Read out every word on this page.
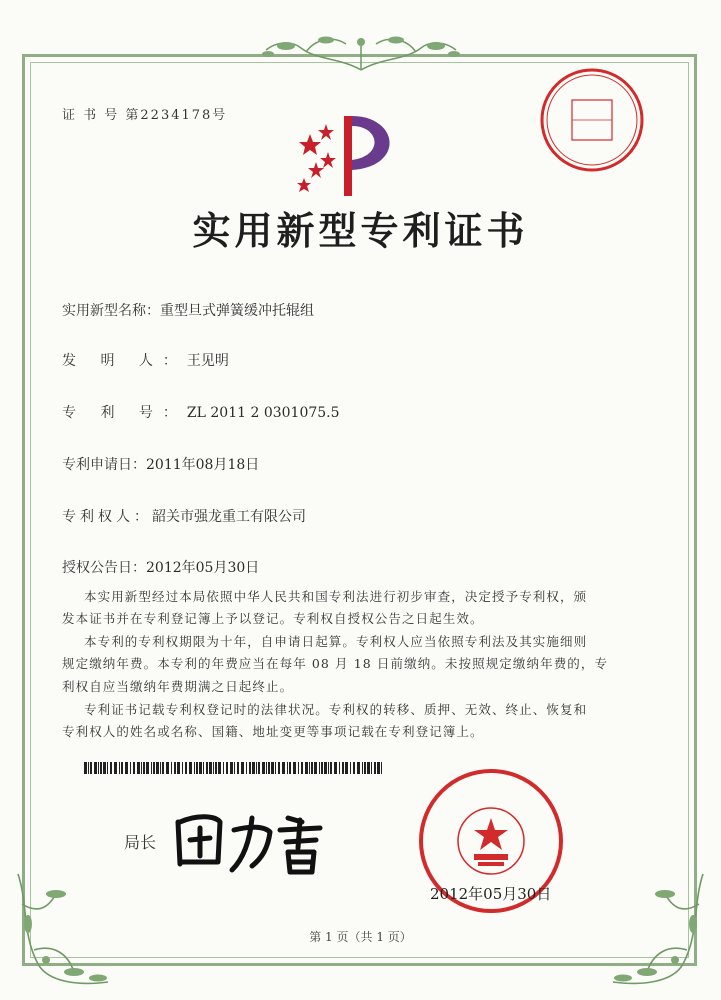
证 书 号 第2234178号
实用新型专利证书
实用新型名称：重型旦式弹簧缓冲托辊组
发 明 人：王见明
专 利 号：ZL 2011 2 0301075.5
专利申请日：2011年08月18日
专利权人：韶关市强龙重工有限公司
授权公告日：2012年05月30日
本实用新型经过本局依照中华人民共和国专利法进行初步审查，决定授予专利权，颁
发本证书并在专利登记簿上予以登记。专利权自授权公告之日起生效。
本专利的专利权期限为十年，自申请日起算。专利权人应当依照专利法及其实施细则
规定缴纳年费。本专利的年费应当在每年 08 月 18 日前缴纳。未按照规定缴纳年费的，专
利权自应当缴纳年费期满之日起终止。
专利证书记载专利权登记时的法律状况。专利权的转移、质押、无效、终止、恢复和
专利权人的姓名或名称、国籍、地址变更等事项记载在专利登记簿上。
局长
2012年05月30日
第 1 页（共 1 页）
